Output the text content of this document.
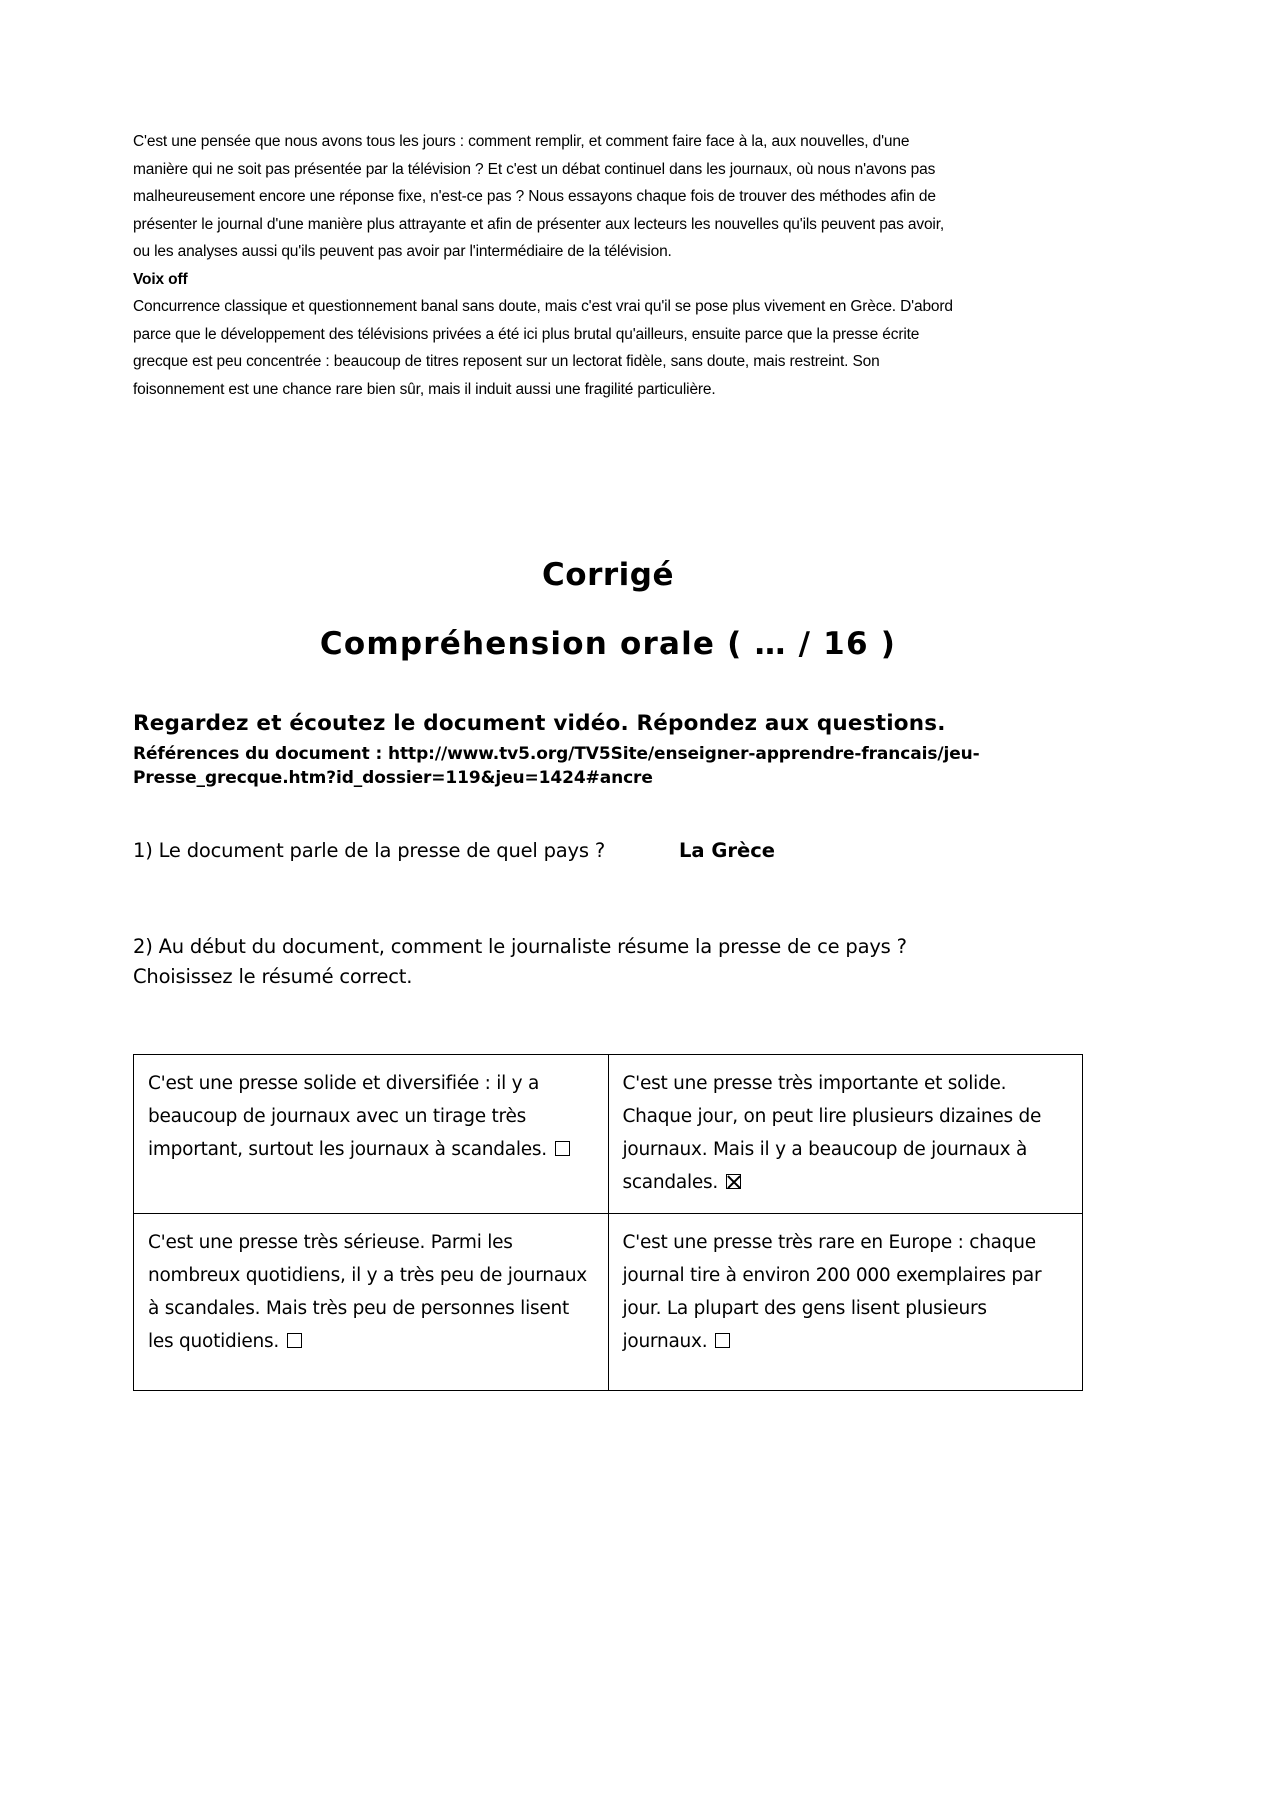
C'est une pensée que nous avons tous les jours : comment remplir, et comment faire face à la, aux nouvelles, d'une
manière qui ne soit pas présentée par la télévision ? Et c'est un débat continuel dans les journaux, où nous n'avons pas
malheureusement encore une réponse fixe, n'est-ce pas ? Nous essayons chaque fois de trouver des méthodes afin de
présenter le journal d'une manière plus attrayante et afin de présenter aux lecteurs les nouvelles qu'ils peuvent pas avoir,
ou les analyses aussi qu'ils peuvent pas avoir par l'intermédiaire de la télévision.

Voix off

Concurrence classique et questionnement banal sans doute, mais c'est vrai qu'il se pose plus vivement en Grèce. D'abord
parce que le développement des télévisions privées a été ici plus brutal qu'ailleurs, ensuite parce que la presse écrite
grecque est peu concentrée : beaucoup de titres reposent sur un lectorat fidèle, sans doute, mais restreint. Son
foisonnement est une chance rare bien sûr, mais il induit aussi une fragilité particulière.

Corrigé
Compréhension orale ( … / 16 )
Regardez et écoutez le document vidéo. Répondez aux questions.
Références du document : http://www.tv5.org/TV5Site/enseigner-apprendre-francais/jeu-
Presse_grecque.htm?id_dossier=119&jeu=1424#ancre
1) Le document parle de la presse de quel pays ?	La Grèce
2) Au début du document, comment le journaliste résume la presse de ce pays ?
Choisissez le résumé correct.
C'est une presse solide et diversifiée : il y a beaucoup de journaux avec un tirage très important, surtout les journaux à scandales.	C'est une presse très importante et solide. Chaque jour, on peut lire plusieurs dizaines de journaux. Mais il y a beaucoup de journaux à scandales.
C'est une presse très sérieuse. Parmi les nombreux quotidiens, il y a très peu de journaux à scandales. Mais très peu de personnes lisent les quotidiens.	C'est une presse très rare en Europe : chaque journal tire à environ 200 000 exemplaires par jour. La plupart des gens lisent plusieurs journaux.
